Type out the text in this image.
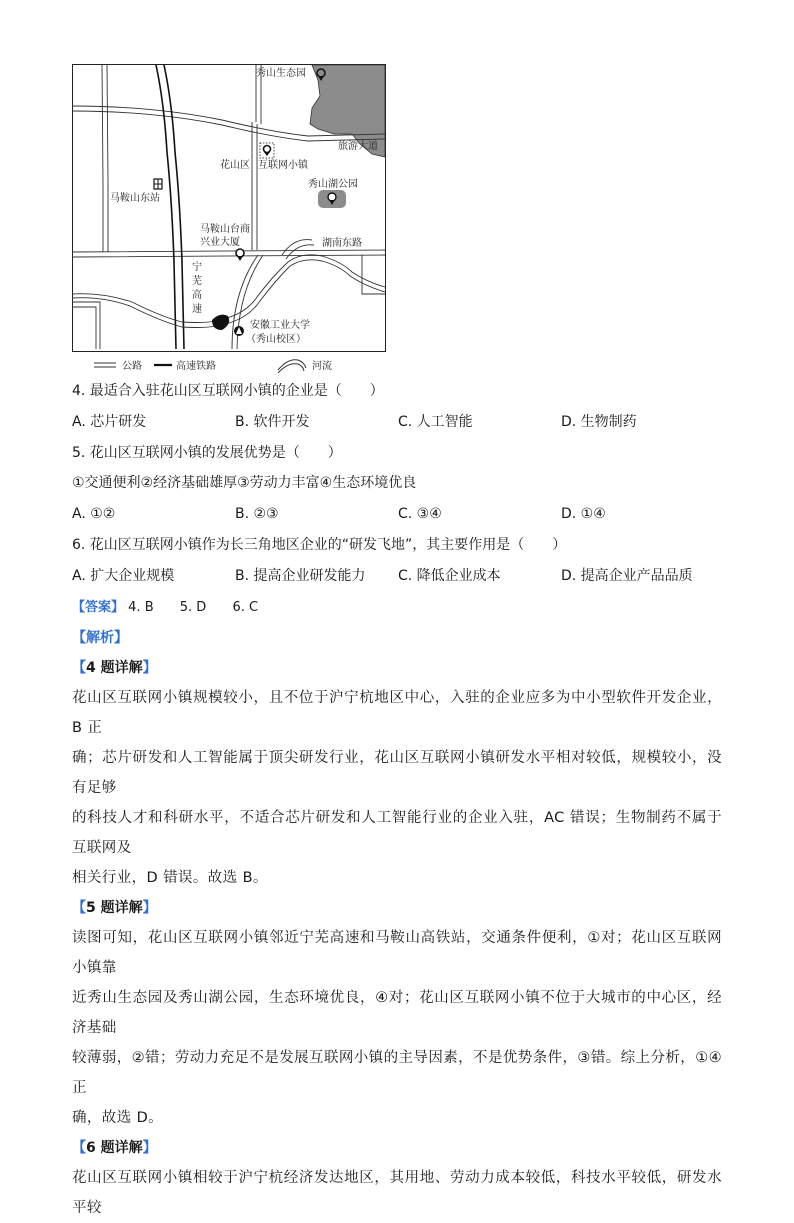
秀山生态园
旅游大道
花山区 互联网小镇
秀山湖公园
马鞍山东站
马鞍山台商
兴业大厦	湖南东路
宁
芜
高
速
安徽工业大学
（秀山校区）
公路	高速铁路	河流
4. 最适合入驻花山区互联网小镇的企业是（　　）
A. 芯片研发	B. 软件开发	C. 人工智能	D. 生物制药
5. 花山区互联网小镇的发展优势是（　　）
①交通便利②经济基础雄厚③劳动力丰富④生态环境优良
A. ①②	B. ②③	C. ③④	D. ①④
6. 花山区互联网小镇作为长三角地区企业的“研发飞地”，其主要作用是（　　）
A. 扩大企业规模	B. 提高企业研发能力	C. 降低企业成本	D. 提高企业产品品质
【答案】 4. B 5. D 6. C
【解析】
【4 题详解】
花山区互联网小镇规模较小，且不位于沪宁杭地区中心，入驻的企业应多为中小型软件开发企业，B 正
确；芯片研发和人工智能属于顶尖研发行业，花山区互联网小镇研发水平相对较低，规模较小，没有足够
的科技人才和科研水平，不适合芯片研发和人工智能行业的企业入驻，AC 错误；生物制药不属于互联网及
相关行业，D 错误。故选 B。
【5 题详解】
读图可知，花山区互联网小镇邻近宁芜高速和马鞍山高铁站，交通条件便利，①对；花山区互联网小镇靠
近秀山生态园及秀山湖公园，生态环境优良，④对；花山区互联网小镇不位于大城市的中心区，经济基础
较薄弱，②错；劳动力充足不是发展互联网小镇的主导因素，不是优势条件，③错。综上分析，①④正
确，故选 D。
【6 题详解】
花山区互联网小镇相较于沪宁杭经济发达地区，其用地、劳动力成本较低，科技水平较低，研发水平较
